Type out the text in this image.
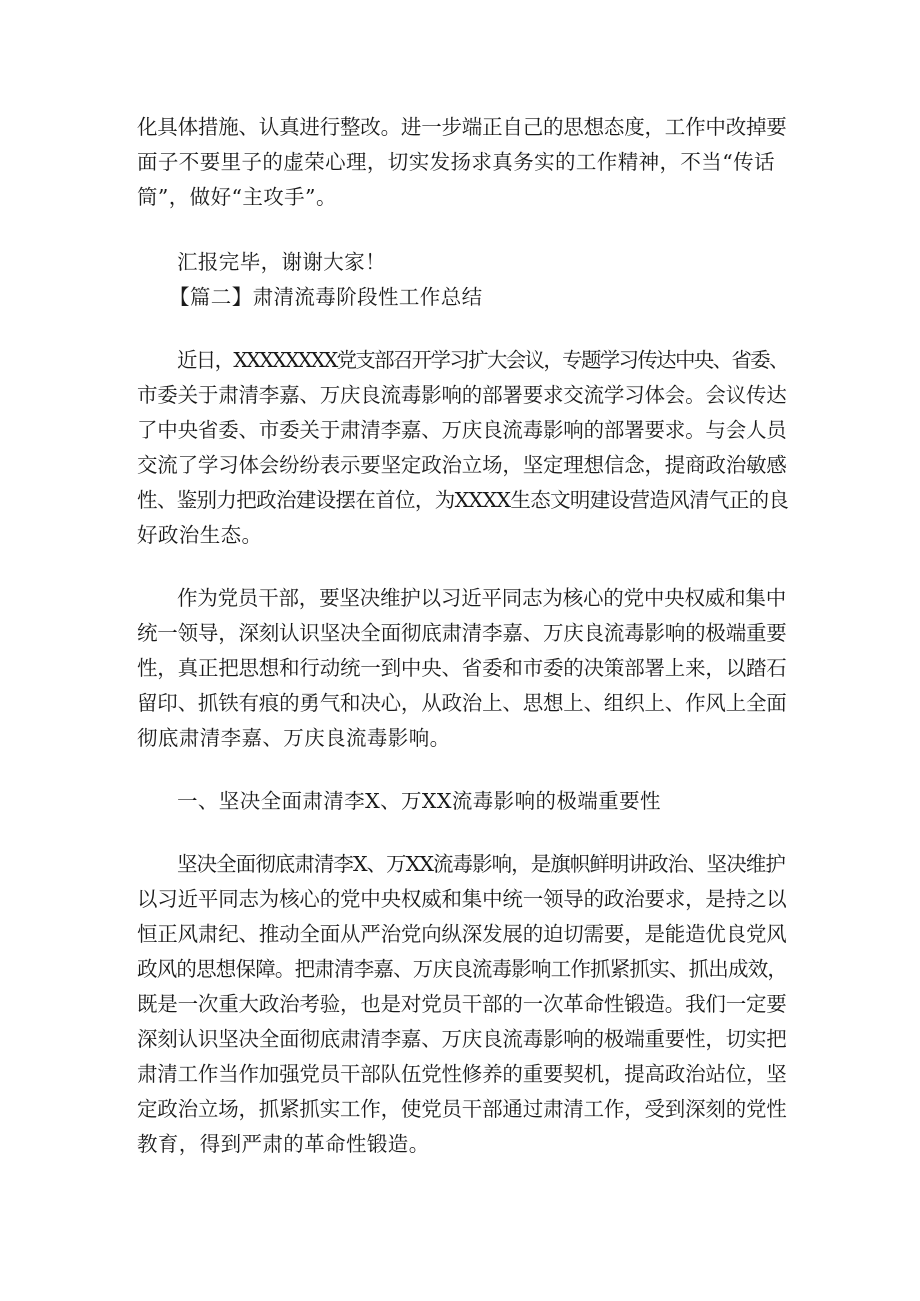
化具体措施、认真进行整改。进一步端正自己的思想态度，工作中改掉要
面子不要里子的虚荣心理，切实发扬求真务实的工作精神，不当“传话
筒”，做好“主攻手”。
汇报完毕，谢谢大家！
【篇二】肃清流毒阶段性工作总结
近日，XXXXXXXX党支部召开学习扩大会议，专题学习传达中央、省委、
市委关于肃清李嘉、万庆良流毒影响的部署要求交流学习体会。会议传达
了中央省委、市委关于肃清李嘉、万庆良流毒影响的部署要求。与会人员
交流了学习体会纷纷表示要坚定政治立场，坚定理想信念，提商政治敏感
性、鉴别力把政治建设摆在首位，为XXXX生态文明建设营造风清气正的良
好政治生态。
作为党员干部，要坚决维护以习近平同志为核心的党中央权威和集中
统一领导，深刻认识坚决全面彻底肃清李嘉、万庆良流毒影响的极端重要
性，真正把思想和行动统一到中央、省委和市委的决策部署上来，以踏石
留印、抓铁有痕的勇气和决心，从政治上、思想上、组织上、作风上全面
彻底肃清李嘉、万庆良流毒影响。
一、坚决全面肃清李X、万XX流毒影响的极端重要性
坚决全面彻底肃清李X、万XX流毒影响，是旗帜鲜明讲政治、坚决维护
以习近平同志为核心的党中央权威和集中统一领导的政治要求，是持之以
恒正风肃纪、推动全面从严治党向纵深发展的迫切需要，是能造优良党风
政风的思想保障。把肃清李嘉、万庆良流毒影响工作抓紧抓实、抓出成效，
既是一次重大政治考验，也是对党员干部的一次革命性锻造。我们一定要
深刻认识坚决全面彻底肃清李嘉、万庆良流毒影响的极端重要性，切实把
肃清工作当作加强党员干部队伍党性修养的重要契机，提高政治站位，坚
定政治立场，抓紧抓实工作，使党员干部通过肃清工作，受到深刻的党性
教育，得到严肃的革命性锻造。
